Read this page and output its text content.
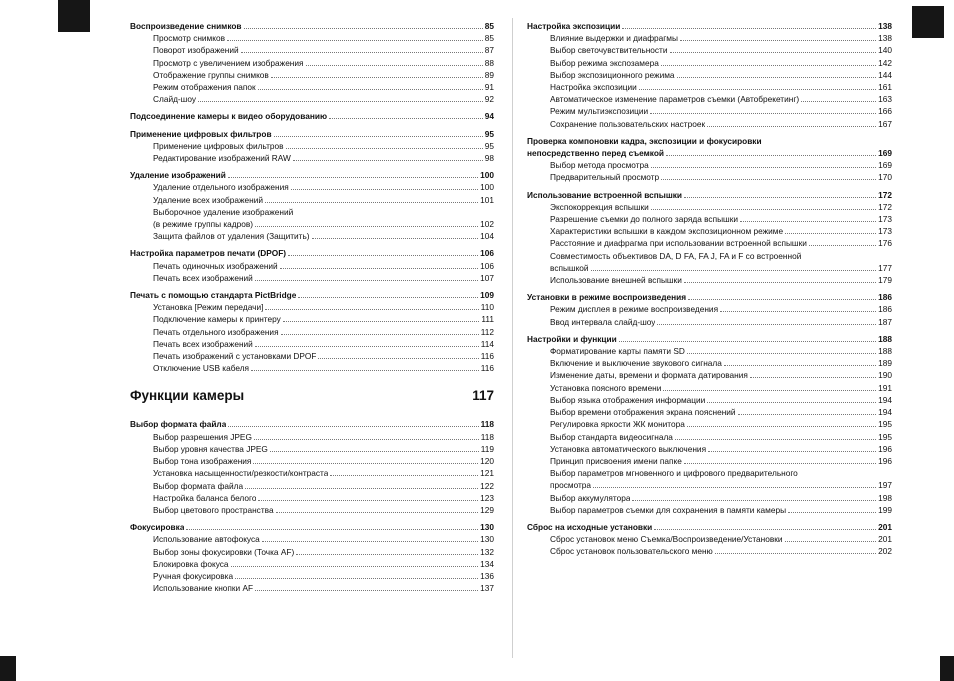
Воспроизведение снимков	85
Просмотр снимков	85
Поворот изображений	87
Просмотр с увеличением изображения	88
Отображение группы снимков	89
Режим отображения папок	91
Слайд-шоу	92
Подсоединение камеры к видео оборудованию	94
Применение цифровых фильтров	95
Применение цифровых фильтров	95
Редактирование изображений RAW	98
Удаление изображений	100
Удаление отдельного изображения	100
Удаление всех изображений	101
Выборочное удаление изображений
(в режиме группы кадров)	102
Защита файлов от удаления (Защитить)	104
Настройка параметров печати (DPOF)	106
Печать одиночных изображений	106
Печать всех изображений	107
Печать с помощью стандарта PictBridge	109
Установка [Режим передачи]	110
Подключение камеры к принтеру	111
Печать отдельного изображения	112
Печать всех изображений	114
Печать изображений с установками DPOF	116
Отключение USB кабеля	116
Функции камеры	117
Выбор формата файла	118
Выбор разрешения JPEG	118
Выбор уровня качества JPEG	119
Выбор тона изображения	120
Установка насыщенности/резкости/контраста	121
Выбор формата файла	122
Настройка баланса белого	123
Выбор цветового пространства	129
Фокусировка	130
Использование автофокуса	130
Выбор зоны фокусировки (Точка AF)	132
Блокировка фокуса	134
Ручная фокусировка	136
Использование кнопки AF	137
Настройка экспозиции	138
Влияние выдержки и диафрагмы	138
Выбор светочувствительности	140
Выбор режима экспозамера	142
Выбор экспозиционного режима	144
Настройка экспозиции	161
Автоматическое изменение параметров съемки (Автобрекетинг)	163
Режим мультиэкспозиции	166
Сохранение пользовательских настроек	167
Проверка компоновки кадра, экспозиции и фокусировки
непосредственно перед съемкой	169
Выбор метода просмотра	169
Предварительный просмотр	170
Использование встроенной вспышки	172
Экспокоррекция вспышки	172
Разрешение съемки до полного заряда вспышки	173
Характеристики вспышки в каждом экспозиционном режиме	173
Расстояние и диафрагма при использовании встроенной вспышки	176
Совместимость объективов DA, D FA, FA J, FA и F со встроенной
вспышкой	177
Использование внешней вспышки	179
Установки в режиме воспроизведения	186
Режим дисплея в режиме воспроизведения	186
Ввод интервала слайд-шоу	187
Настройки и функции	188
Форматирование карты памяти SD	188
Включение и выключение звукового сигнала	189
Изменение даты, времени и формата датирования	190
Установка поясного времени	191
Выбор языка отображения информации	194
Выбор времени отображения экрана пояснений	194
Регулировка яркости ЖК монитора	195
Выбор стандарта видеосигнала	195
Установка автоматического выключения	196
Принцип присвоения имени папке	196
Выбор параметров мгновенного и цифрового предварительного
просмотра	197
Выбор аккумулятора	198
Выбор параметров съемки для сохранения в памяти камеры	199
Сброс на исходные установки	201
Сброс установок меню Съемка/Воспроизведение/Установки	201
Сброс установок пользовательского меню	202
